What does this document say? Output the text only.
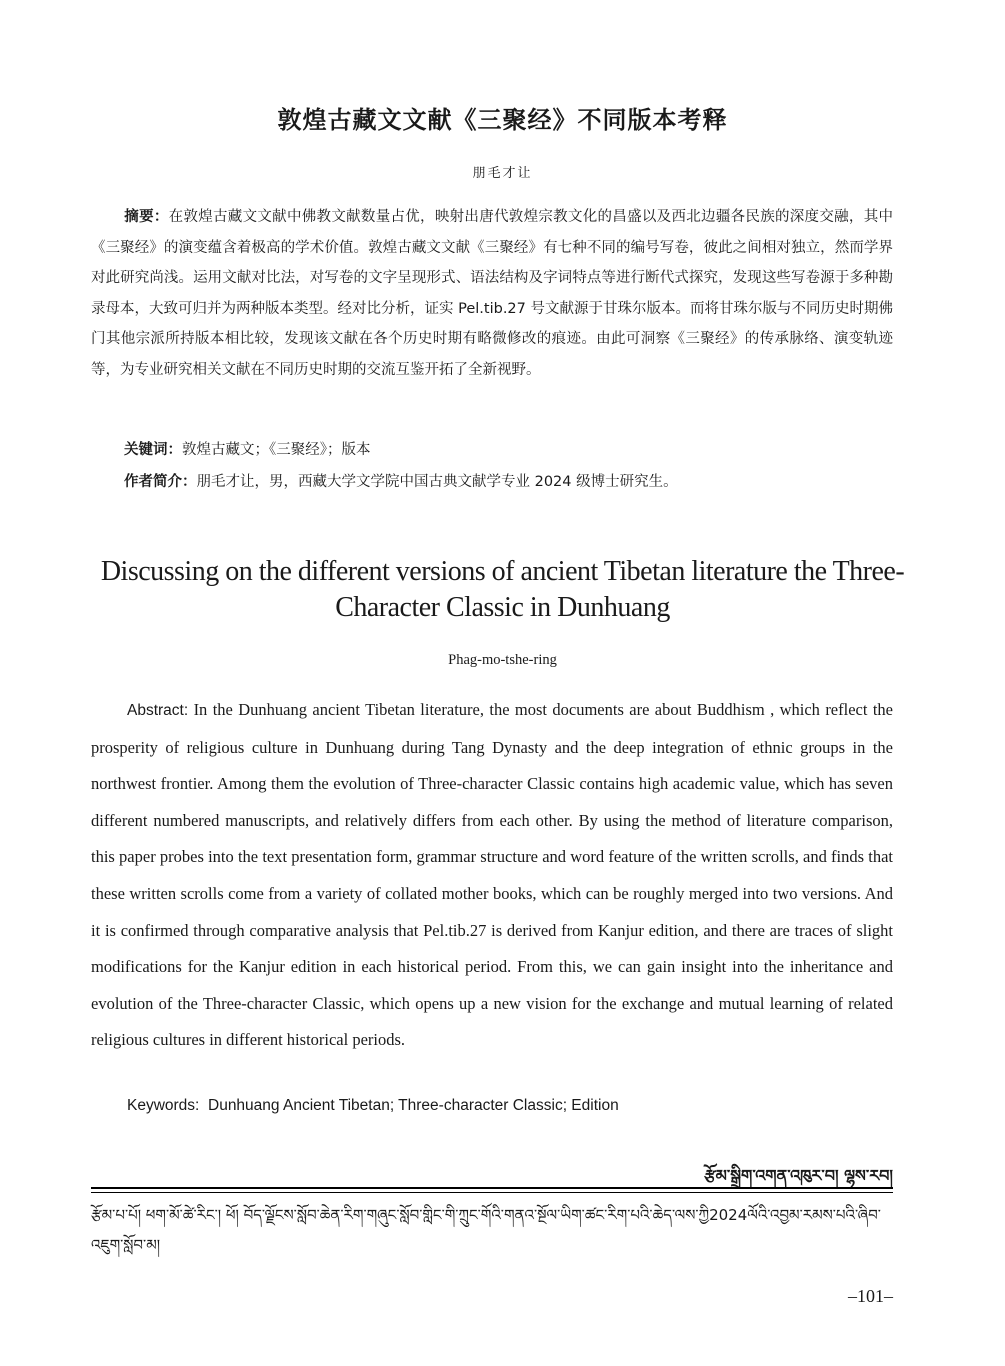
敦煌古藏文文献《三聚经》不同版本考释
朋毛才让

摘要：在敦煌古藏文文献中佛教文献数量占优，映射出唐代敦煌宗教文化的昌盛以及西北边疆各民族的深度交融，其中《三聚经》的演变蕴含着极高的学术价值。敦煌古藏文文献《三聚经》有七种不同的编号写卷，彼此之间相对独立，然而学界对此研究尚浅。运用文献对比法，对写卷的文字呈现形式、语法结构及字词特点等进行断代式探究，发现这些写卷源于多种勘录母本，大致可归并为两种版本类型。经对比分析，证实 Pel.tib.27 号文献源于甘珠尔版本。而将甘珠尔版与不同历史时期佛门其他宗派所持版本相比较，发现该文献在各个历史时期有略微修改的痕迹。由此可洞察《三聚经》的传承脉络、演变轨迹等，为专业研究相关文献在不同历史时期的交流互鉴开拓了全新视野。

关键词：敦煌古藏文；《三聚经》；版本

作者简介：朋毛才让，男，西藏大学文学院中国古典文献学专业 2024 级博士研究生。

Discussing on the different versions of ancient Tibetan literature the Three-Character Classic in Dunhuang
Phag-mo-tshe-ring

Abstract: In the Dunhuang ancient Tibetan literature, the most documents are about Buddhism , which reflect the prosperity of religious culture in Dunhuang during Tang Dynasty and the deep integration of ethnic groups in the northwest frontier. Among them the evolution of Three-character Classic contains high academic value, which has seven different numbered manuscripts, and relatively differs from each other. By using the method of literature comparison, this paper probes into the text presentation form, grammar structure and word feature of the written scrolls, and finds that these written scrolls come from a variety of collated mother books, which can be roughly merged into two versions. And it is confirmed through comparative analysis that Pel.tib.27 is derived from Kanjur edition, and there are traces of slight modifications for the Kanjur edition in each historical period. From this, we can gain insight into the inheritance and evolution of the Three-character Classic, which opens up a new vision for the exchange and mutual learning of related religious cultures in different historical periods.

Keywords: Dunhuang Ancient Tibetan; Three-character Classic; Edition

རྩོམ་སྒྲིག་འགན་འཁུར་བ། ལྷས་རབ།

རྩོམ་པ་པོ། ཕག་མོ་ཚེ་རིང་། ཕོ། བོད་ལྗོངས་སློབ་ཆེན་རིག་གཞུང་སློབ་གླིང་གི་ཀྲུང་གོའི་གནའ་སྔོལ་ཡིག་ཚང་རིག་པའི་ཆེད་ལས་ཀྱི2024ལོའི་འབྱམ་རམས་པའི་ཞིབ་འཇུག་སློབ་མ།

–101–
